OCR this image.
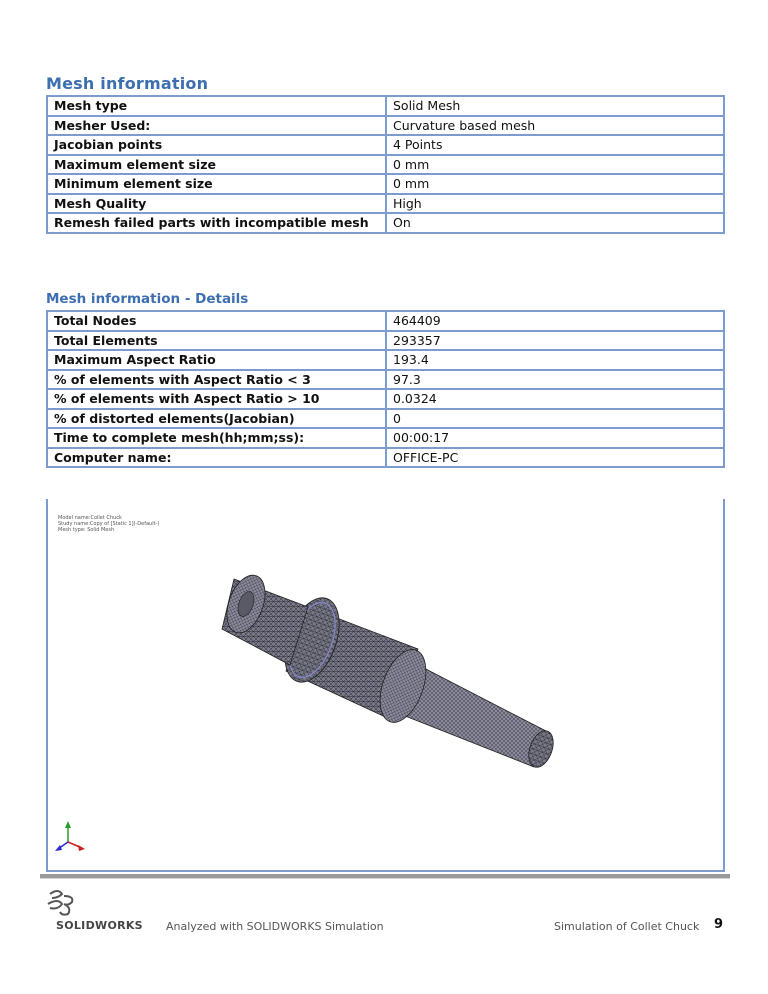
Mesh information
Mesh type	Solid Mesh
Mesher Used:	Curvature based mesh
Jacobian points	4 Points
Maximum element size	0 mm
Minimum element size	0 mm
Mesh Quality	High
Remesh failed parts with incompatible mesh	On
Mesh information - Details
Total Nodes	464409
Total Elements	293357
Maximum Aspect Ratio	193.4
% of elements with Aspect Ratio < 3	97.3
% of elements with Aspect Ratio > 10	0.0324
% of distorted elements(Jacobian)	0
Time to complete mesh(hh;mm;ss):	00:00:17
Computer name:	OFFICE-PC
Model name:Collet Chuck
Study name:Copy of [Static 1](-Default-)
Mesh type: Solid Mesh
SOLIDWORKS Analyzed with SOLIDWORKS Simulation	Simulation of Collet Chuck 9
